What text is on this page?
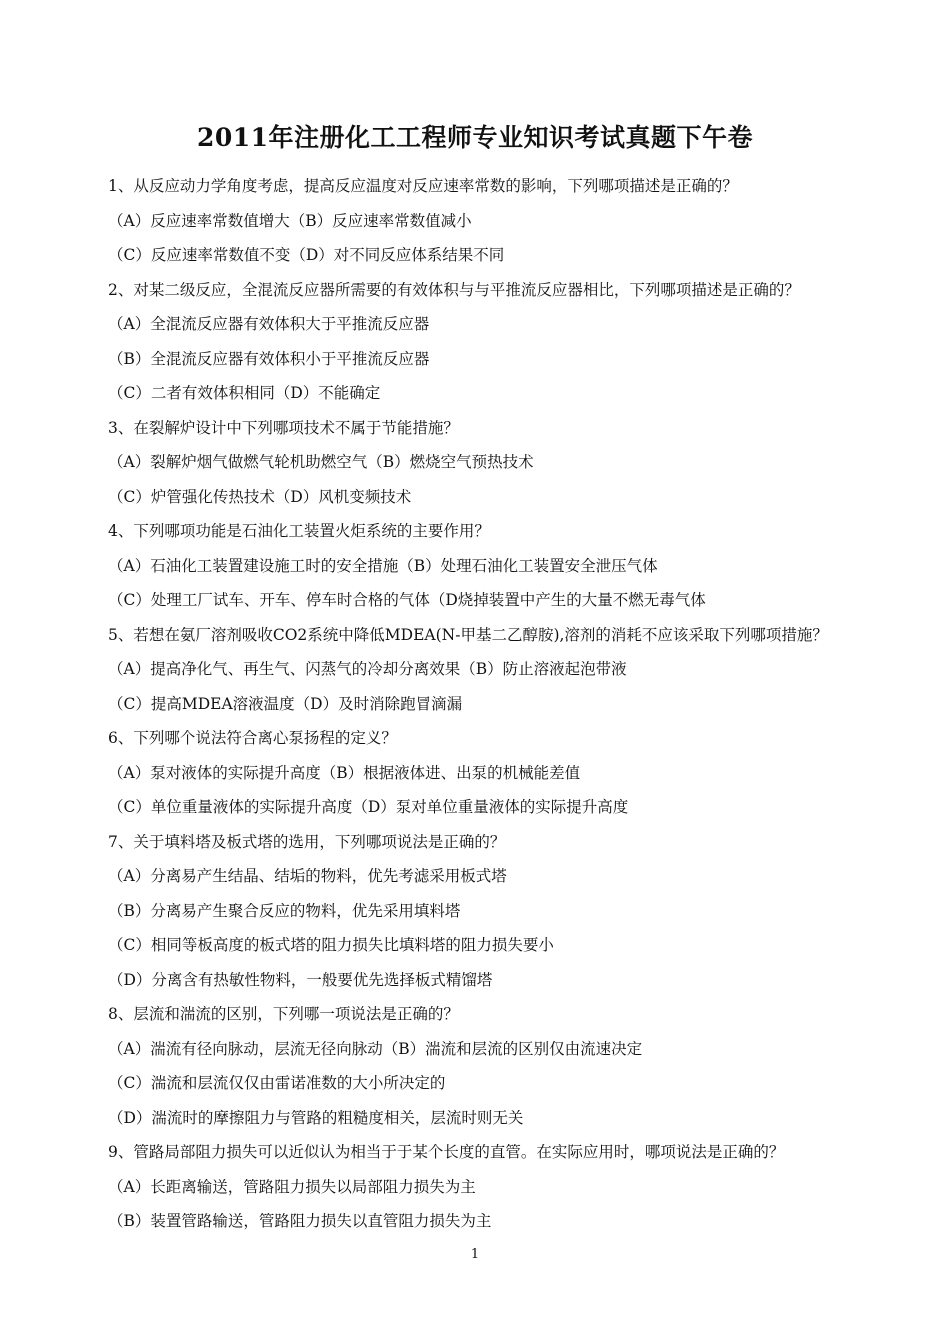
2011年注册化工工程师专业知识考试真题下午卷
1、从反应动力学角度考虑，提高反应温度对反应速率常数的影响，下列哪项描述是正确的？
（A）反应速率常数值增大（B）反应速率常数值减小
（C）反应速率常数值不变（D）对不同反应体系结果不同
2、对某二级反应，全混流反应器所需要的有效体积与与平推流反应器相比，下列哪项描述是正确的？
（A）全混流反应器有效体积大于平推流反应器
（B）全混流反应器有效体积小于平推流反应器
（C）二者有效体积相同（D）不能确定
3、在裂解炉设计中下列哪项技术不属于节能措施？
（A）裂解炉烟气做燃气轮机助燃空气（B）燃烧空气预热技术
（C）炉管强化传热技术（D）风机变频技术
4、下列哪项功能是石油化工装置火炬系统的主要作用？
（A）石油化工装置建设施工时的安全措施（B）处理石油化工装置安全泄压气体
（C）处理工厂试车、开车、停车时合格的气体（D烧掉装置中产生的大量不燃无毒气体
5、若想在氨厂溶剂吸收CO2系统中降低MDEA(N-甲基二乙醇胺),溶剂的消耗不应该采取下列哪项措施？
（A）提高净化气、再生气、闪蒸气的冷却分离效果（B）防止溶液起泡带液
（C）提高MDEA溶液温度（D）及时消除跑冒滴漏
6、下列哪个说法符合离心泵扬程的定义？
（A）泵对液体的实际提升高度（B）根据液体进、出泵的机械能差值
（C）单位重量液体的实际提升高度（D）泵对单位重量液体的实际提升高度
7、关于填料塔及板式塔的选用，下列哪项说法是正确的？
（A）分离易产生结晶、结垢的物料，优先考滤采用板式塔
（B）分离易产生聚合反应的物料，优先采用填料塔
（C）相同等板高度的板式塔的阻力损失比填料塔的阻力损失要小
（D）分离含有热敏性物料，一般要优先选择板式精馏塔
8、层流和湍流的区别，下列哪一项说法是正确的？
（A）湍流有径向脉动，层流无径向脉动（B）湍流和层流的区别仅由流速决定
（C）湍流和层流仅仅由雷诺准数的大小所决定的
（D）湍流时的摩擦阻力与管路的粗糙度相关，层流时则无关
9、管路局部阻力损失可以近似认为相当于于某个长度的直管。在实际应用时，哪项说法是正确的？
（A）长距离输送，管路阻力损失以局部阻力损失为主
（B）装置管路输送，管路阻力损失以直管阻力损失为主
1
